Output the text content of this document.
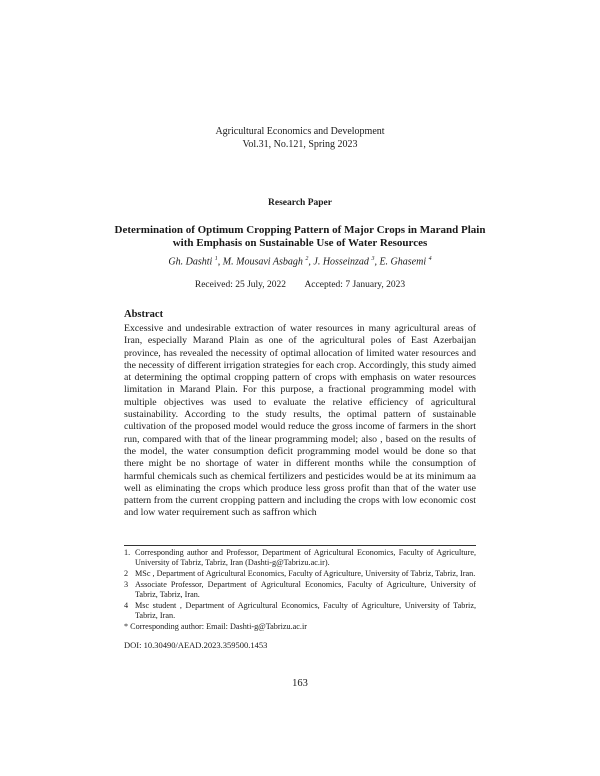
Agricultural Economics and Development
Vol.31, No.121, Spring 2023
Research Paper
Determination of Optimum Cropping Pattern of Major Crops in Marand Plain with Emphasis on Sustainable Use of Water Resources
Gh. Dashti $^1$, M. Mousavi Asbagh $^2$, J. Hosseinzad $^3$, E. Ghasemi $^4$
Received: 25 July, 2022 Accepted: 7 January, 2023
Abstract
Excessive and undesirable extraction of water resources in many agricultural areas of Iran, especially Marand Plain as one of the agricultural poles of East Azerbaijan province, has revealed the necessity of optimal allocation of limited water resources and the necessity of different irrigation strategies for each crop. Accordingly, this study aimed at determining the optimal cropping pattern of crops with emphasis on water resources limitation in Marand Plain. For this purpose, a fractional programming model with multiple objectives was used to evaluate the relative efficiency of agricultural sustainability. According to the study results, the optimal pattern of sustainable cultivation of the proposed model would reduce the gross income of farmers in the short run, compared with that of the linear programming model; also , based on the results of the model, the water consumption deficit programming model would be done so that there might be no shortage of water in different months while the consumption of harmful chemicals such as chemical fertilizers and pesticides would be at its minimum aa well as eliminating the crops which produce less gross profit than that of the water use pattern from the current cropping pattern and including the crops with low economic cost and low water requirement such as saffron which
1. Corresponding author and Professor, Department of Agricultural Economics, Faculty of Agriculture, University of Tabriz, Tabriz, Iran (Dashti-g@Tabrizu.ac.ir).
2 MSc , Department of Agricultural Economics, Faculty of Agriculture, University of Tabriz, Tabriz, Iran.
3 Associate Professor, Department of Agricultural Economics, Faculty of Agriculture, University of Tabriz, Tabriz, Iran.
4 Msc student , Department of Agricultural Economics, Faculty of Agriculture, University of Tabriz, Tabriz, Iran.
* Corresponding author: Email: Dashti-g@Tabrizu.ac.ir
DOI: 10.30490/AEAD.2023.359500.1453
163
